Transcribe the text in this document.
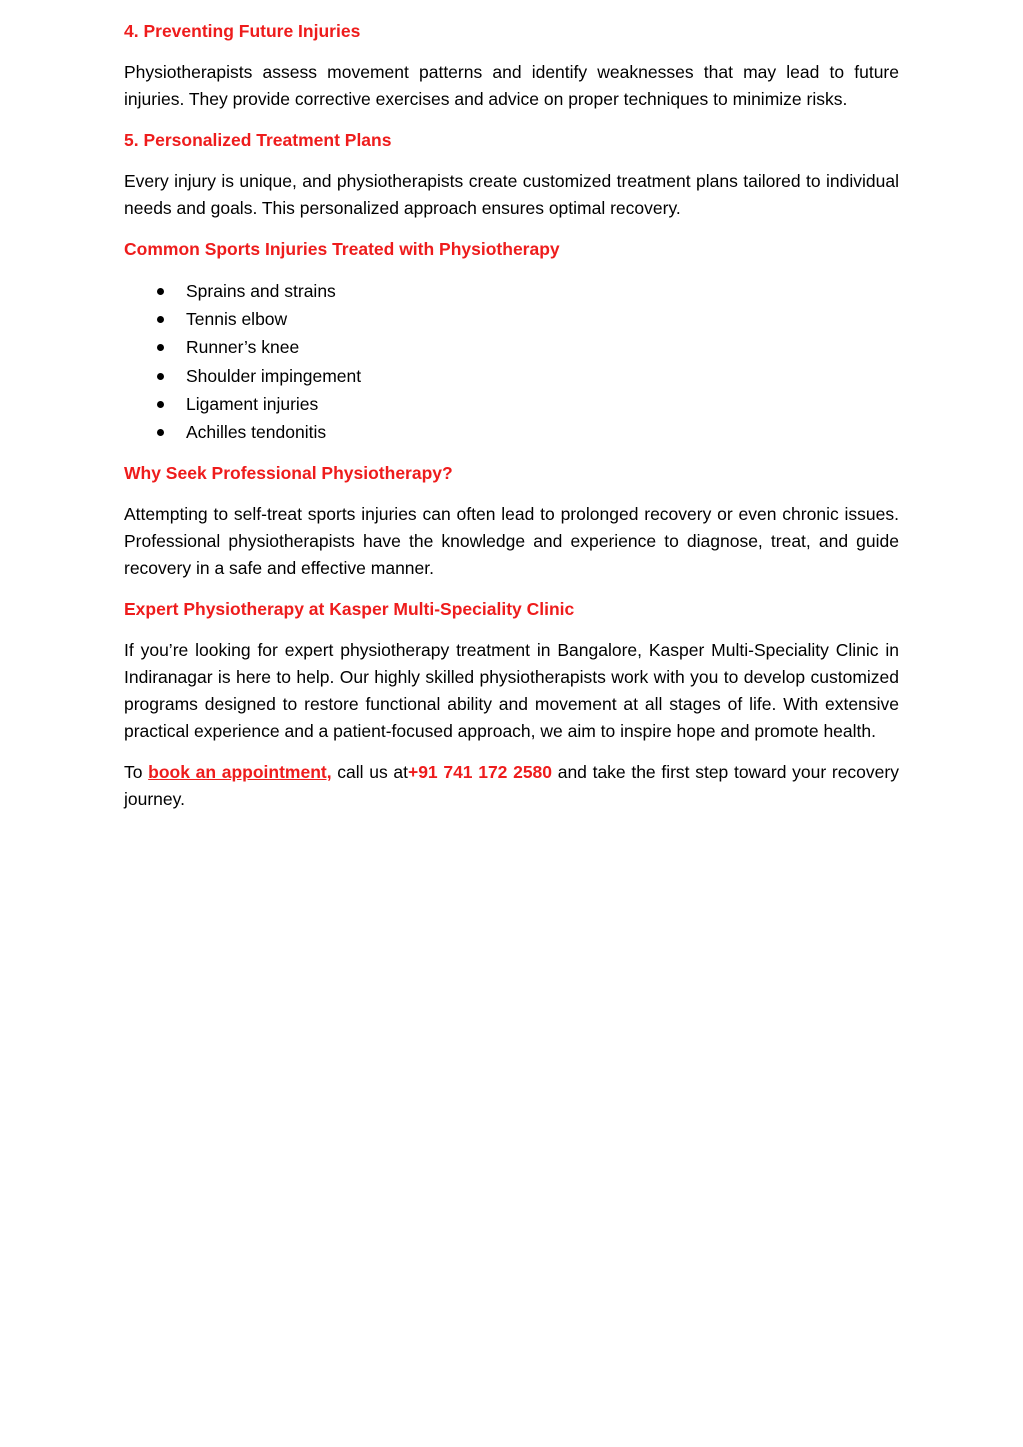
4. Preventing Future Injuries

Physiotherapists assess movement patterns and identify weaknesses that may lead to future injuries. They provide corrective exercises and advice on proper techniques to minimize risks.

5. Personalized Treatment Plans

Every injury is unique, and physiotherapists create customized treatment plans tailored to individual needs and goals. This personalized approach ensures optimal recovery.

Common Sports Injuries Treated with Physiotherapy
Sprains and strains
Tennis elbow
Runner’s knee
Shoulder impingement
Ligament injuries
Achilles tendonitis
Why Seek Professional Physiotherapy?

Attempting to self-treat sports injuries can often lead to prolonged recovery or even chronic issues. Professional physiotherapists have the knowledge and experience to diagnose, treat, and guide recovery in a safe and effective manner.

Expert Physiotherapy at Kasper Multi-Speciality Clinic

If you’re looking for expert physiotherapy treatment in Bangalore, Kasper Multi-Speciality Clinic in Indiranagar is here to help. Our highly skilled physiotherapists work with you to develop customized programs designed to restore functional ability and movement at all stages of life. With extensive practical experience and a patient-focused approach, we aim to inspire hope and promote health.

To book an appointment, call us at+91 741 172 2580 and take the first step toward your recovery journey.
